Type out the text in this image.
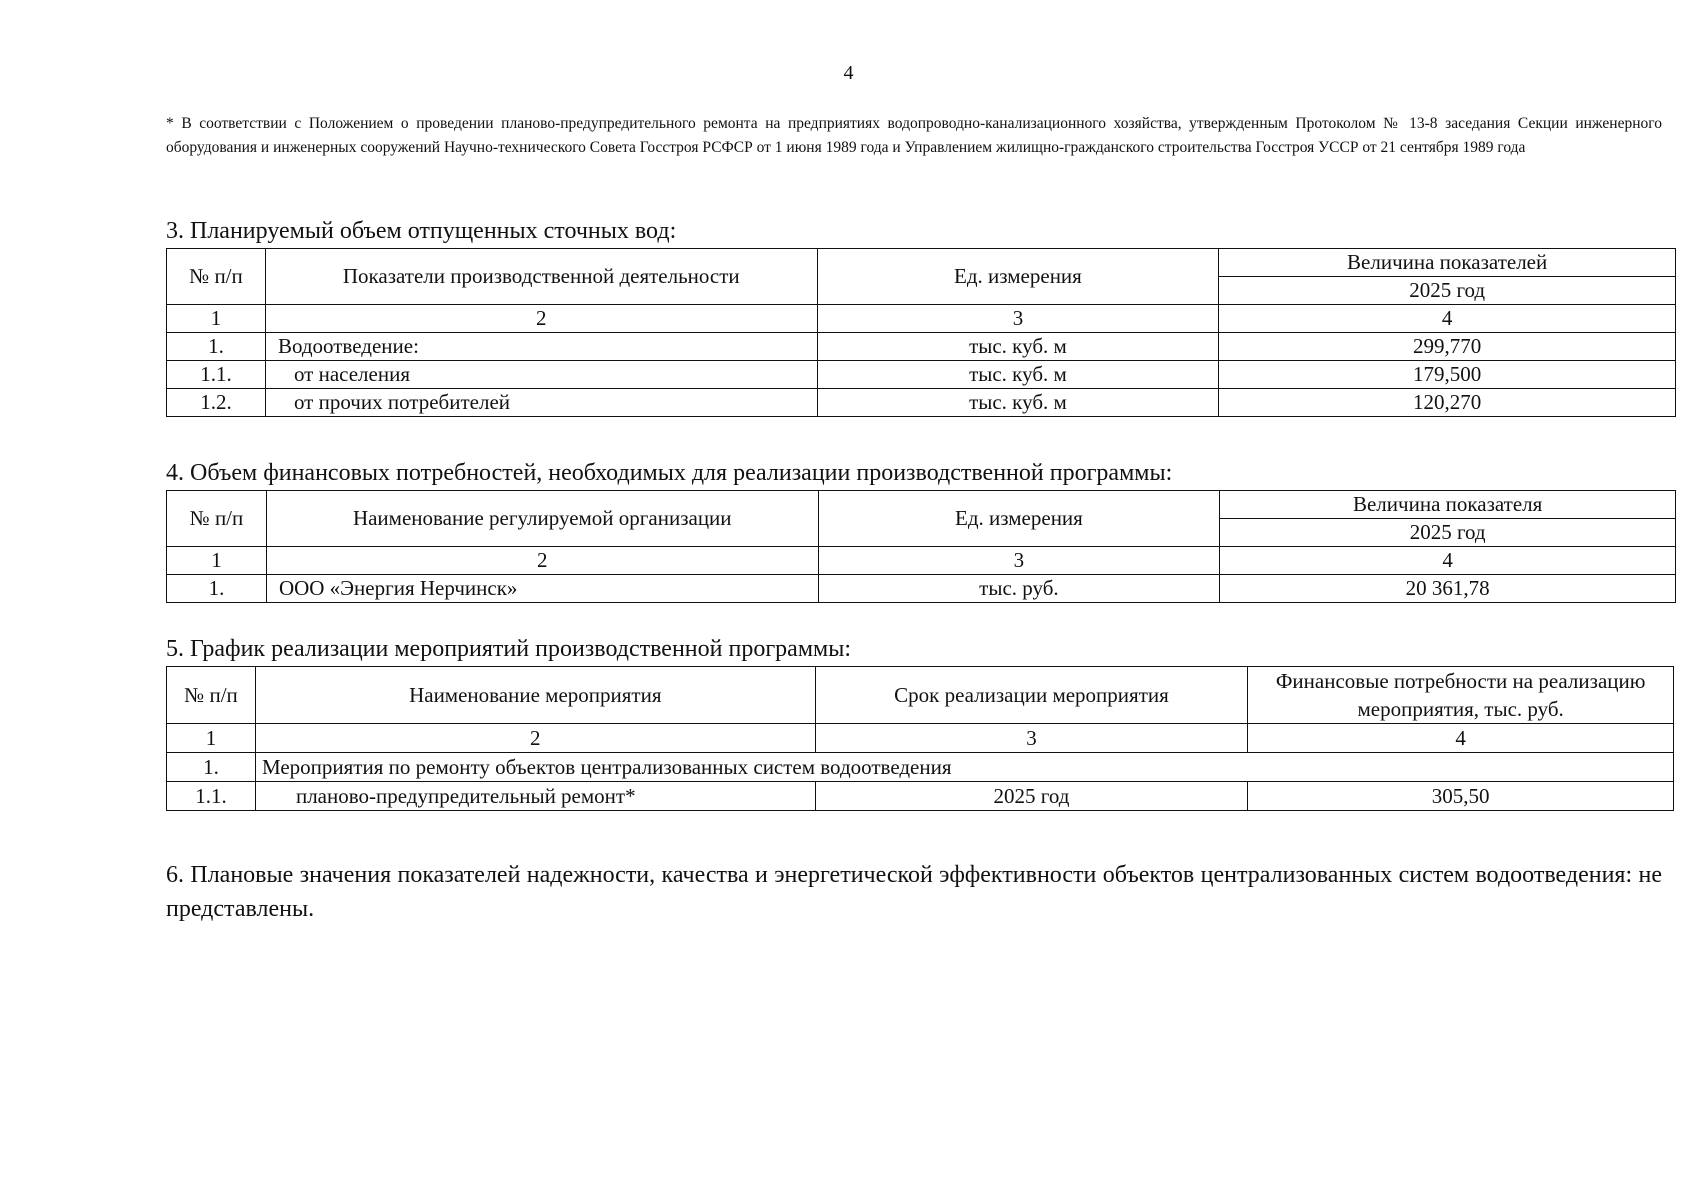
4
* В соответствии с Положением о проведении планово-предупредительного ремонта на предприятиях водопроводно-канализационного хозяйства, утвержденным Протоколом № 13-8 заседания Секции инженерного оборудования и инженерных сооружений Научно-технического Совета Госстроя РСФСР от 1 июня 1989 года и Управлением жилищно-гражданского строительства Госстроя УССР от 21 сентября 1989 года
3. Планируемый объем отпущенных сточных вод:
№ п/п	Показатели производственной деятельности	Ед. измерения	Величина показателей
			2025 год
1	2	3	4
1.	Водоотведение:	тыс. куб. м	299,770
1.1.	от населения	тыс. куб. м	179,500
1.2.	от прочих потребителей	тыс. куб. м	120,270
4. Объем финансовых потребностей, необходимых для реализации производственной программы:
№ п/п	Наименование регулируемой организации	Ед. измерения	Величина показателя
			2025 год
1	2	3	4
1.	ООО «Энергия Нерчинск»	тыс. руб.	20 361,78
5. График реализации мероприятий производственной программы:
№ п/п	Наименование мероприятия	Срок реализации мероприятия	Финансовые потребности на реализацию мероприятия, тыс. руб.
1	2	3	4
1.	Мероприятия по ремонту объектов централизованных систем водоотведения		
1.1.	планово-предупредительный ремонт*	2025 год	305,50
6. Плановые значения показателей надежности, качества и энергетической эффективности объектов централизованных систем водоотведения: не представлены.
